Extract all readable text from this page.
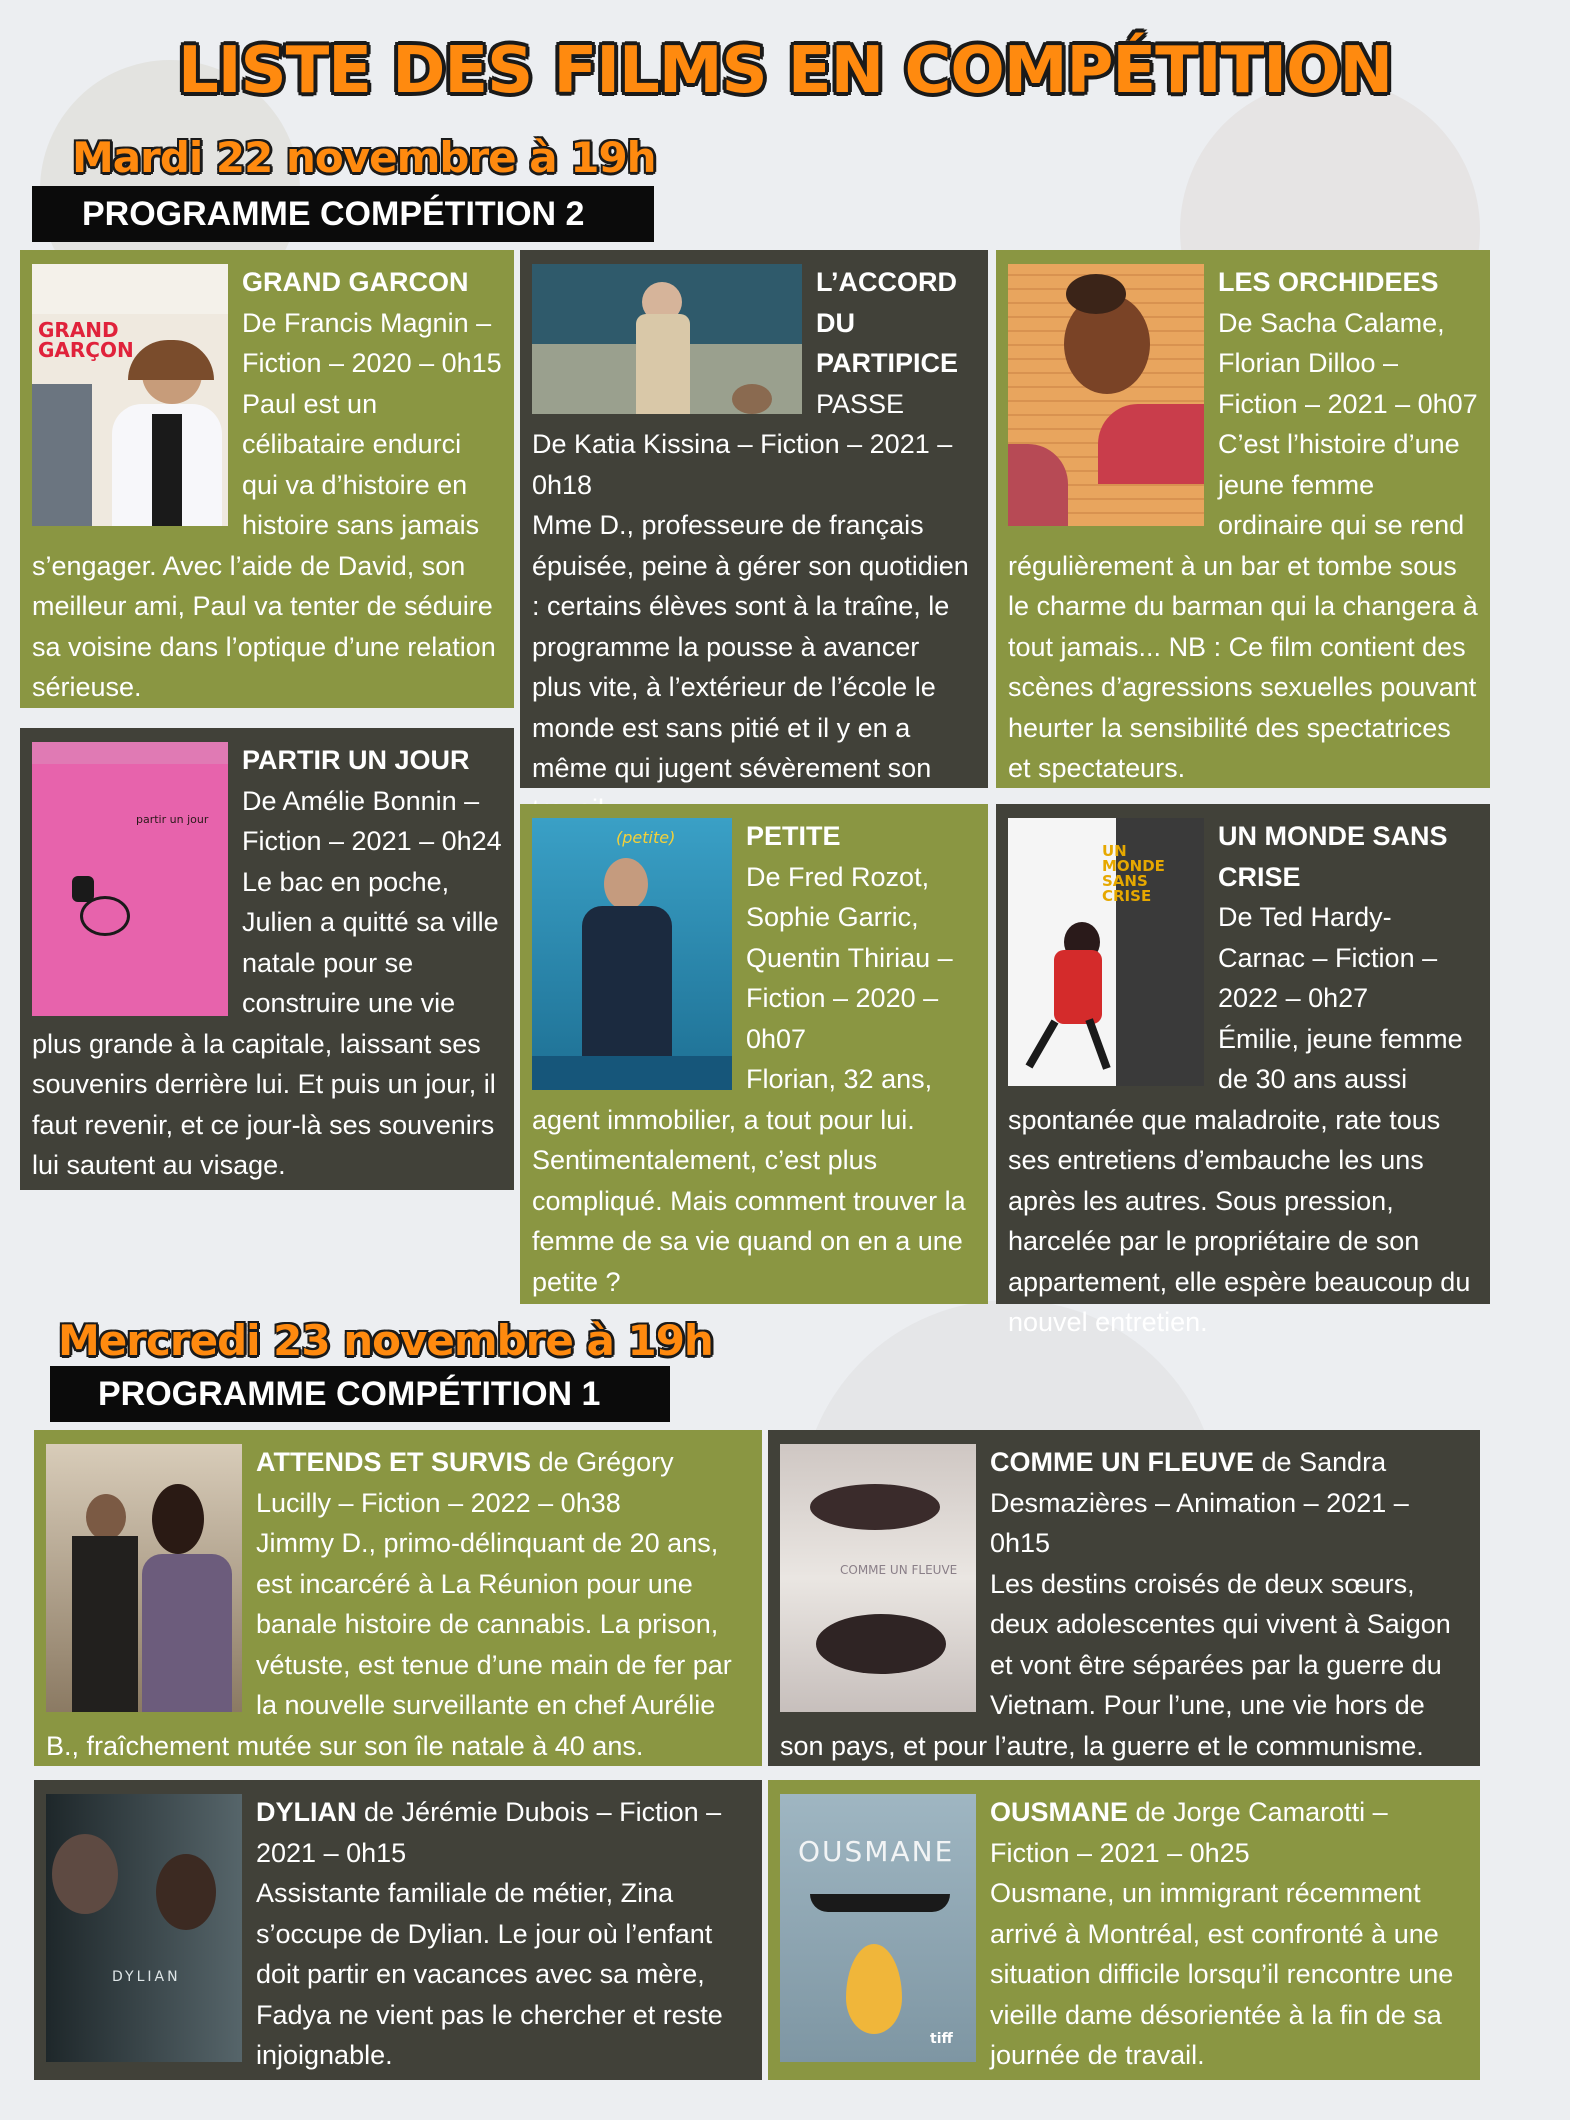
LISTE DES FILMS EN COMPÉTITION
Mardi 22 novembre à 19h
PROGRAMME COMPÉTITION 2
GRAND GARÇON
GRAND GARCON
De Francis Magnin – Fiction – 2020 – 0h15
Paul est un célibataire endurci qui va d’histoire en histoire sans jamais s’engager. Avec l’aide de David, son meilleur ami, Paul va tenter de séduire sa voisine dans l’optique d’une relation sérieuse.
partir un jour
PARTIR UN JOUR
De Amélie Bonnin – Fiction – 2021 – 0h24
Le bac en poche, Julien a quitté sa ville natale pour se construire une vie plus grande à la capitale, laissant ses souvenirs derrière lui. Et puis un jour, il faut revenir, et ce jour-là ses souvenirs lui sautent au visage.
L’ACCORD
DU
PARTIPICE
PASSE
De Katia Kissina – Fiction – 2021 – 0h18
Mme D., professeure de français épuisée, peine à gérer son quotidien : certains élèves sont à la traîne, le programme la pousse à avancer plus vite, à l’extérieur de l’école le monde est sans pitié et il y en a même qui jugent sévèrement son
(petite)	PETITE
De Fred Rozot, Sophie Garric, Quentin Thiriau – Fiction – 2020 – 0h07
Florian, 32 ans, agent immobilier, a tout pour lui. Sentimentalement, c’est plus compliqué. Mais comment trouver la femme de sa vie quand on en a une petite ?
LES ORCHIDEES
De Sacha Calame, Florian Dilloo – Fiction – 2021 – 0h07
C’est l’histoire d’une jeune femme ordinaire qui se rend régulièrement à un bar et tombe sous le charme du barman qui la changera à tout jamais... NB : Ce film contient des scènes d’agressions sexuelles pouvant heurter la sensibilité des spectatrices et spectateurs.
UN MONDE SANS CRISE
UN MONDE SANS CRISE
De Ted Hardy-Carnac – Fiction – 2022 – 0h27
Émilie, jeune femme de 30 ans aussi spontanée que maladroite, rate tous ses entretiens d’embauche les uns après les autres. Sous pression, harcelée par le propriétaire de son appartement, elle espère beaucoup du nouvel entretien.
Mercredi 23 novembre à 19h
PROGRAMME COMPÉTITION 1
ATTENDS ET SURVIS de Grégory Lucilly – Fiction – 2022 – 0h38
Jimmy D., primo-délinquant de 20 ans, est incarcéré à La Réunion pour une banale histoire de cannabis. La prison, vétuste, est tenue d’une main de fer par la nouvelle surveillante en chef Aurélie B., fraîchement mutée sur son île natale à 40 ans.
DYLIAN
DYLIAN de Jérémie Dubois – Fiction – 2021 – 0h15
Assistante familiale de métier, Zina s’occupe de Dylian. Le jour où l’enfant doit partir en vacances avec sa mère, Fadya ne vient pas le chercher et reste injoignable.
COMME UN FLEUVE
COMME UN FLEUVE de Sandra Desmazières – Animation – 2021 – 0h15
Les destins croisés de deux sœurs, deux adolescentes qui vivent à Saigon et vont être séparées par la guerre du Vietnam. Pour l’une, une vie hors de son pays, et pour l’autre, la guerre et le communisme.
OUSMANE
tiff
OUSMANE de Jorge Camarotti – Fiction – 2021 – 0h25
Ousmane, un immigrant récemment arrivé à Montréal, est confronté à une situation difficile lorsqu’il rencontre une vieille dame désorientée à la fin de sa journée de travail.
